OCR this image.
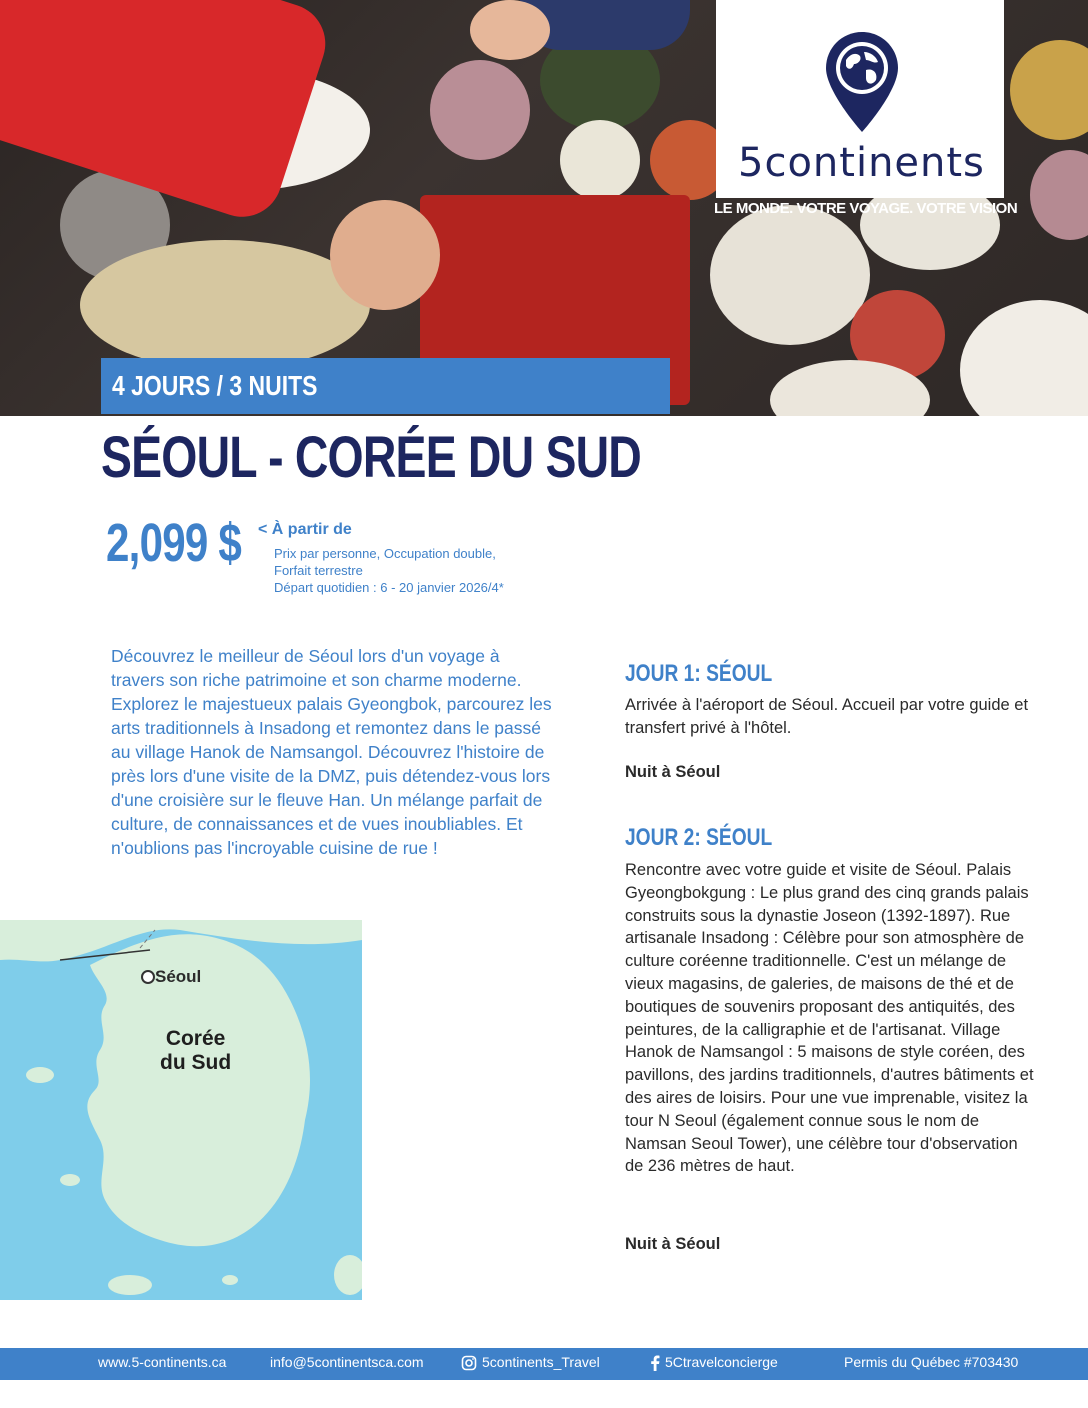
5continents
LE MONDE. VOTRE VOYAGE. VOTRE VISION
4 JOURS / 3 NUITS
SÉOUL - CORÉE DU SUD
2,099 $ < À partir de
Prix par personne, Occupation double,
Forfait terrestre
Départ quotidien : 6 - 20 janvier 2026/4*

Découvrez le meilleur de Séoul lors d'un voyage à travers son riche patrimoine et son charme moderne. Explorez le majestueux palais Gyeongbok, parcourez les arts traditionnels à Insadong et remontez dans le passé au village Hanok de Namsangol. Découvrez l'histoire de près lors d'une visite de la DMZ, puis détendez-vous lors d'une croisière sur le fleuve Han. Un mélange parfait de culture, de connaissances et de vues inoubliables. Et n'oublions pas l'incroyable cuisine de rue !

Séoul
Corée
du Sud
JOUR 1: SÉOUL
Arrivée à l'aéroport de Séoul. Accueil par votre guide et transfert privé à l'hôtel.
Nuit à Séoul
JOUR 2: SÉOUL
Rencontre avec votre guide et visite de Séoul. Palais Gyeongbokgung : Le plus grand des cinq grands palais construits sous la dynastie Joseon (1392-1897). Rue artisanale Insadong : Célèbre pour son atmosphère de culture coréenne traditionnelle. C'est un mélange de vieux magasins, de galeries, de maisons de thé et de boutiques de souvenirs proposant des antiquités, des peintures, de la calligraphie et de l'artisanat. Village Hanok de Namsangol : 5 maisons de style coréen, des pavillons, des jardins traditionnels, d'autres bâtiments et des aires de loisirs. Pour une vue imprenable, visitez la tour N Seoul (également connue sous le nom de Namsan Seoul Tower), une célèbre tour d'observation de 236 mètres de haut.
Nuit à Séoul
www.5-continents.ca	info@5continentsca.com	5continents_Travel	5Ctravelconcierge	Permis du Québec #703430
